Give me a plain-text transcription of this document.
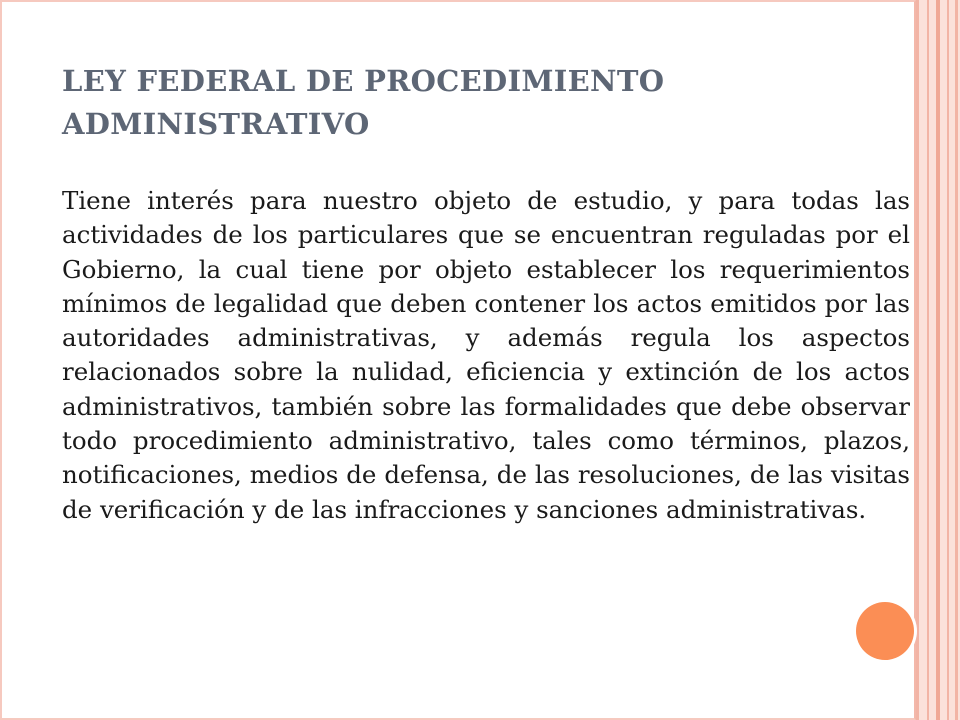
LEY FEDERAL DE PROCEDIMIENTO ADMINISTRATIVO

Tiene interés para nuestro objeto de estudio, y para todas las actividades de los particulares que se encuentran reguladas por el Gobierno, la cual tiene por objeto establecer los requerimientos mínimos de legalidad que deben contener los actos emitidos por las autoridades administrativas, y además regula los aspectos relacionados sobre la nulidad, eficiencia y extinción de los actos administrativos, también sobre las formalidades que debe observar todo procedimiento administrativo, tales como términos, plazos, notificaciones, medios de defensa, de las resoluciones, de las visitas de verificación y de las infracciones y sanciones administrativas.
